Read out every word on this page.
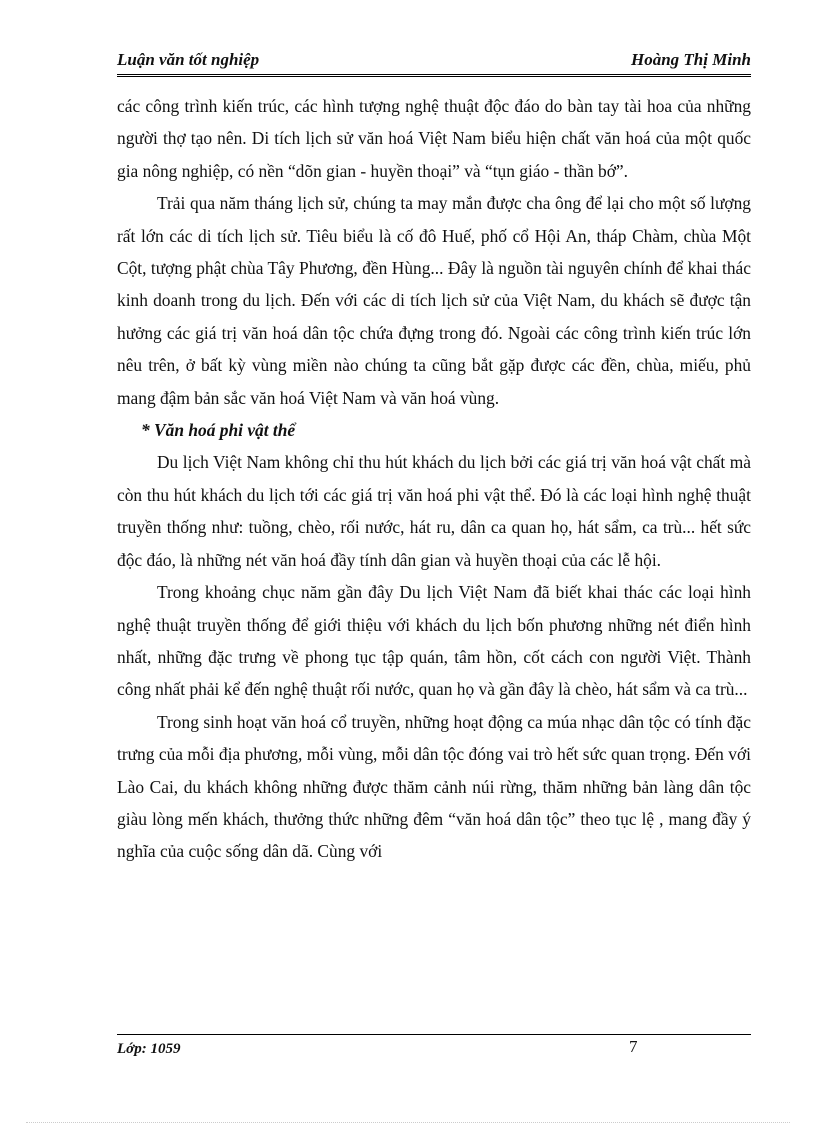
Luận văn tốt nghiệp	Hoàng Thị Minh

các công trình kiến trúc, các hình tượng nghệ thuật độc đáo do bàn tay tài hoa của những người thợ tạo nên. Di tích lịch sử văn hoá Việt Nam biểu hiện chất văn hoá của một quốc gia nông nghiệp, có nền “dõn gian - huyền thoại” và “tụn giáo - thần bớ”.

Trải qua năm tháng lịch sử, chúng ta may mắn được cha ông để lại cho một số lượng rất lớn các di tích lịch sử. Tiêu biểu là cố đô Huế, phố cổ Hội An, tháp Chàm, chùa Một Cột, tượng phật chùa Tây Phương, đền Hùng... Đây là nguồn tài nguyên chính để khai thác kinh doanh trong du lịch. Đến với các di tích lịch sử của Việt Nam, du khách sẽ được tận hưởng các giá trị văn hoá dân tộc chứa đựng trong đó. Ngoài các công trình kiến trúc lớn nêu trên, ở bất kỳ vùng miền nào chúng ta cũng bắt gặp được các đền, chùa, miếu, phủ mang đậm bản sắc văn hoá Việt Nam và văn hoá vùng.

* Văn hoá phi vật thể

Du lịch Việt Nam không chỉ thu hút khách du lịch bởi các giá trị văn hoá vật chất mà còn thu hút khách du lịch tới các giá trị văn hoá phi vật thể. Đó là các loại hình nghệ thuật truyền thống như: tuồng, chèo, rối nước, hát ru, dân ca quan họ, hát sẩm, ca trù... hết sức độc đáo, là những nét văn hoá đầy tính dân gian và huyền thoại của các lễ hội.

Trong khoảng chục năm gần đây Du lịch Việt Nam đã biết khai thác các loại hình nghệ thuật truyền thống để giới thiệu với khách du lịch bốn phương những nét điển hình nhất, những đặc trưng về phong tục tập quán, tâm hồn, cốt cách con người Việt. Thành công nhất phải kể đến nghệ thuật rối nước, quan họ và gần đây là chèo, hát sẩm và ca trù...

Trong sinh hoạt văn hoá cổ truyền, những hoạt động ca múa nhạc dân tộc có tính đặc trưng của mỗi địa phương, mỗi vùng, mỗi dân tộc đóng vai trò hết sức quan trọng. Đến với Lào Cai, du khách không những được thăm cảnh núi rừng, thăm những bản làng dân tộc giàu lòng mến khách, thưởng thức những đêm “văn hoá dân tộc” theo tục lệ , mang đầy ý nghĩa của cuộc sống dân dã. Cùng với

Lớp: 1059	7
